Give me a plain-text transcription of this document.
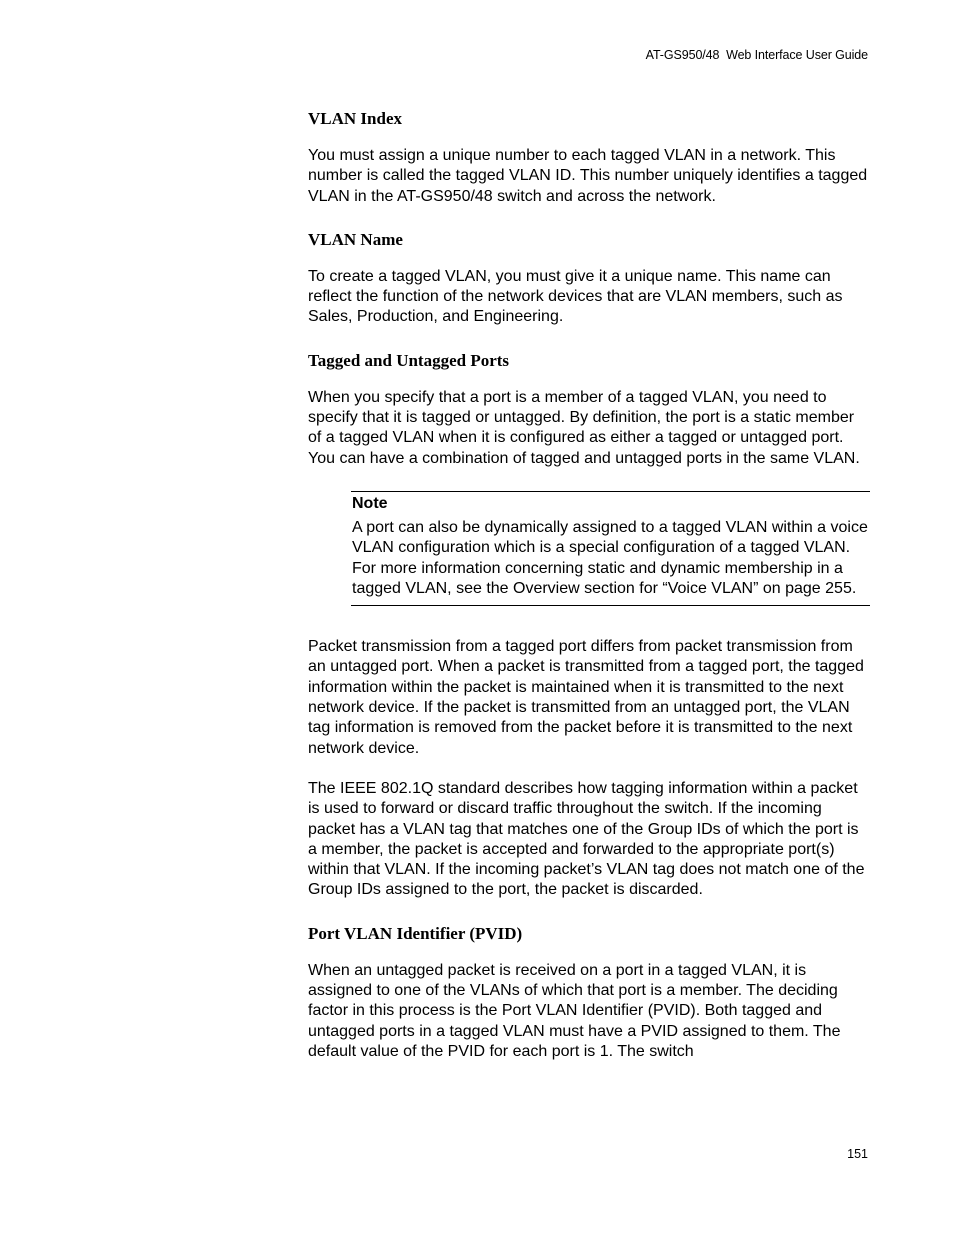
AT-GS950/48  Web Interface User Guide
VLAN Index

You must assign a unique number to each tagged VLAN in a network. This number is called the tagged VLAN ID. This number uniquely identifies a tagged VLAN in the AT-GS950/48 switch and across the network.

VLAN Name

To create a tagged VLAN, you must give it a unique name. This name can reflect the function of the network devices that are VLAN members, such as Sales, Production, and Engineering.

Tagged and Untagged Ports

When you specify that a port is a member of a tagged VLAN, you need to specify that it is tagged or untagged. By definition, the port is a static member of a tagged VLAN when it is configured as either a tagged or untagged port. You can have a combination of tagged and untagged ports in the same VLAN.

Note

A port can also be dynamically assigned to a tagged VLAN within a voice VLAN configuration which is a special configuration of a tagged VLAN. For more information concerning static and dynamic membership in a tagged VLAN, see the Overview section for “Voice VLAN” on page 255.

Packet transmission from a tagged port differs from packet transmission from an untagged port. When a packet is transmitted from a tagged port, the tagged information within the packet is maintained when it is transmitted to the next network device. If the packet is transmitted from an untagged port, the VLAN tag information is removed from the packet before it is transmitted to the next network device.

The IEEE 802.1Q standard describes how tagging information within a packet is used to forward or discard traffic throughout the switch. If the incoming packet has a VLAN tag that matches one of the Group IDs of which the port is a member, the packet is accepted and forwarded to the appropriate port(s) within that VLAN. If the incoming packet’s VLAN tag does not match one of the Group IDs assigned to the port, the packet is discarded.

Port VLAN Identifier (PVID)

When an untagged packet is received on a port in a tagged VLAN, it is assigned to one of the VLANs of which that port is a member. The deciding factor in this process is the Port VLAN Identifier (PVID). Both tagged and untagged ports in a tagged VLAN must have a PVID assigned to them. The default value of the PVID for each port is 1. The switch

151
